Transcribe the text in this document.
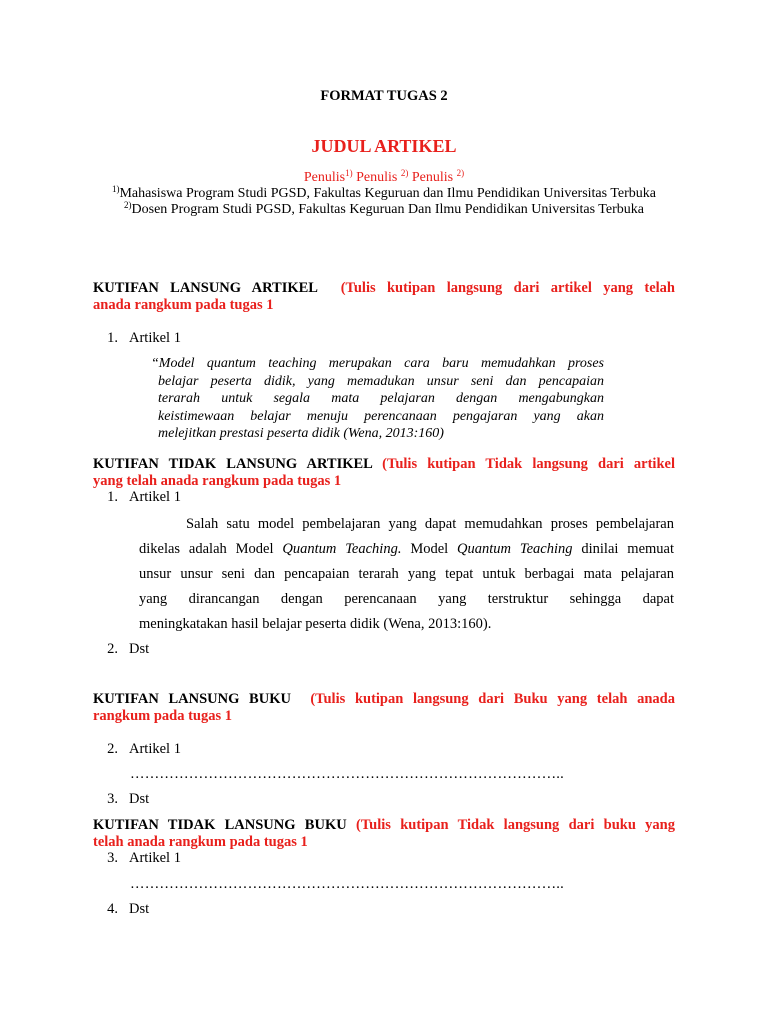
FORMAT TUGAS 2
JUDUL ARTIKEL
Penulis$^{1)}$ Penulis $^{2)}$ Penulis $^{2)}$
$^{1)}$Mahasiswa Program Studi PGSD, Fakultas Keguruan dan Ilmu Pendidikan Universitas Terbuka
$^{2)}$Dosen Program Studi PGSD, Fakultas Keguruan Dan Ilmu Pendidikan Universitas Terbuka
KUTIFAN LANSUNG ARTIKEL (Tulis kutipan langsung dari artikel yang telah
anada rangkum pada tugas 1
1. Artikel 1
“Model quantum teaching merupakan cara baru memudahkan proses
belajar peserta didik, yang memadukan unsur seni dan pencapaian
terarah untuk segala mata pelajaran dengan mengabungkan
keistimewaan belajar menuju perencanaan pengajaran yang akan
melejitkan prestasi peserta didik (Wena, 2013:160)
KUTIFAN TIDAK LANSUNG ARTIKEL (Tulis kutipan Tidak langsung dari artikel
yang telah anada rangkum pada tugas 1
1. Artikel 1
Salah satu model pembelajaran yang dapat memudahkan proses pembelajaran
dikelas adalah Model Quantum Teaching. Model Quantum Teaching dinilai memuat
unsur unsur seni dan pencapaian terarah yang tepat untuk berbagai mata pelajaran
yang dirancangan dengan perencanaan yang terstruktur sehingga dapat
meningkatakan hasil belajar peserta didik (Wena, 2013:160).
2. Dst
KUTIFAN LANSUNG BUKU (Tulis kutipan langsung dari Buku yang telah anada
rangkum pada tugas 1
2. Artikel 1
……………………………………………………………………………..
3. Dst
KUTIFAN TIDAK LANSUNG BUKU (Tulis kutipan Tidak langsung dari buku yang
telah anada rangkum pada tugas 1
3. Artikel 1
……………………………………………………………………………..
4. Dst
